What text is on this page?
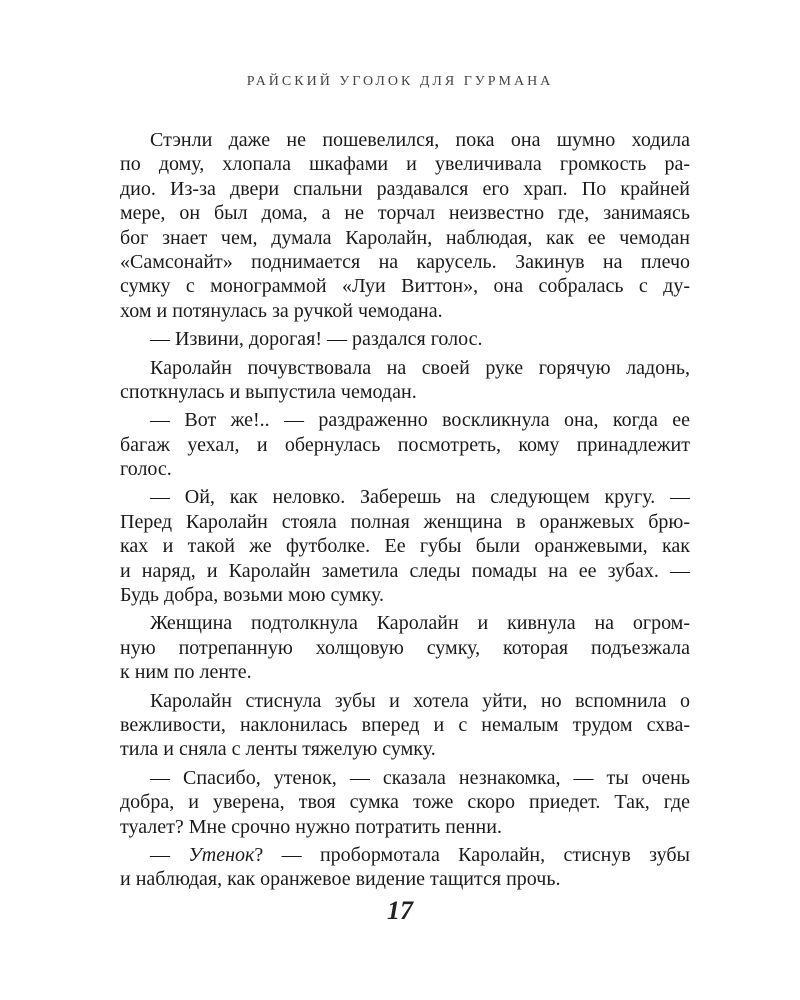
РАЙСКИЙ УГОЛОК ДЛЯ ГУРМАНА
Стэнли даже не пошевелился, пока она шумно ходила
по дому, хлопала шкафами и увеличивала громкость ра-
дио. Из-за двери спальни раздавался его храп. По крайней
мере, он был дома, а не торчал неизвестно где, занимаясь
бог знает чем, думала Каролайн, наблюдая, как ее чемодан
«Самсонайт» поднимается на карусель. Закинув на плечо
сумку с монограммой «Луи Виттон», она собралась с ду-
хом и потянулась за ручкой чемодана.
— Извини, дорогая! — раздался голос.
Каролайн почувствовала на своей руке горячую ладонь,
споткнулась и выпустила чемодан.
— Вот же!.. — раздраженно воскликнула она, когда ее
багаж уехал, и обернулась посмотреть, кому принадлежит
голос.
— Ой, как неловко. Заберешь на следующем кругу. —
Перед Каролайн стояла полная женщина в оранжевых брю-
ках и такой же футболке. Ее губы были оранжевыми, как
и наряд, и Каролайн заметила следы помады на ее зубах. —
Будь добра, возьми мою сумку.
Женщина подтолкнула Каролайн и кивнула на огром-
ную потрепанную холщовую сумку, которая подъезжала
к ним по ленте.
Каролайн стиснула зубы и хотела уйти, но вспомнила о
вежливости, наклонилась вперед и с немалым трудом схва-
тила и сняла с ленты тяжелую сумку.
— Спасибо, утенок, — сказала незнакомка, — ты очень
добра, и уверена, твоя сумка тоже скоро приедет. Так, где
туалет? Мне срочно нужно потратить пенни.
— Утенок? — пробормотала Каролайн, стиснув зубы
и наблюдая, как оранжевое видение тащится прочь.
17
